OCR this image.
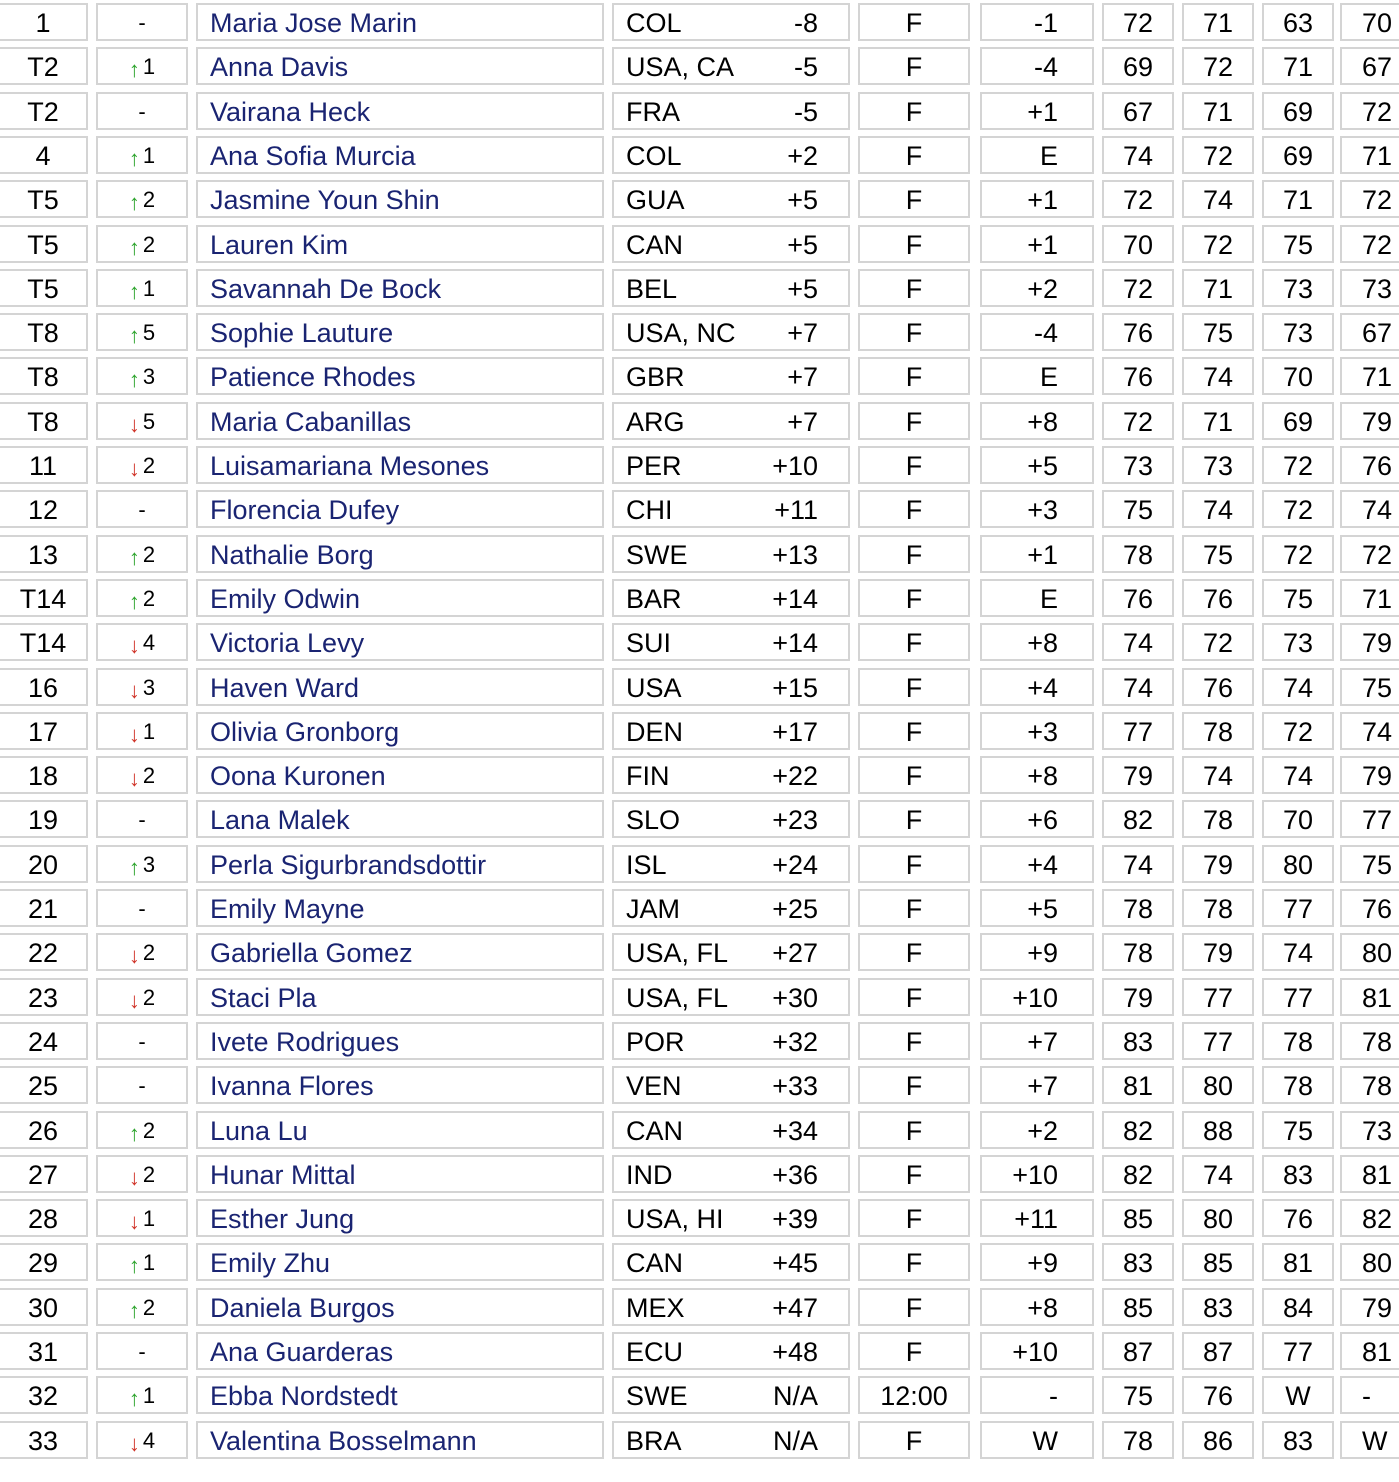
1	-	Maria Jose Marin	COL	-8	F	-1	72	71	63	70
T2	↑ 1	Anna Davis	USA, CA -5	F	-4	69	72	71	67
T2	-	Vairana Heck	FRA	-5	F	+1	67	71	69	72
4	↑ 1	Ana Sofia Murcia	COL	+2	F	E	74	72	69	71
T5	↑ 2	Jasmine Youn Shin	GUA	+5	F	+1	72	74	71	72
T5	↑ 2	Lauren Kim	CAN	+5	F	+1	70	72	75	72
T5	↑ 1	Savannah De Bock	BEL	+5	F	+2	72	71	73	73
T8	↑ 5	Sophie Lauture	USA, NC +7	F	-4	76	75	73	67
T8	↑ 3	Patience Rhodes	GBR	+7	F	E	76	74	70	71
T8	↓ 5	Maria Cabanillas	ARG	+7	F	+8	72	71	69	79
11	↓ 2	Luisamariana Mesones	PER	+10	F	+5	73	73	72	76
12	-	Florencia Dufey	CHI	+11	F	+3	75	74	72	74
13	↑ 2	Nathalie Borg	SWE	+13	F	+1	78	75	72	72
T14	↑ 2	Emily Odwin	BAR	+14	F	E	76	76	75	71
T14	↓ 4	Victoria Levy	SUI	+14	F	+8	74	72	73	79
16	↓ 3	Haven Ward	USA	+15	F	+4	74	76	74	75
17	↓ 1	Olivia Gronborg	DEN	+17	F	+3	77	78	72	74
18	↓ 2	Oona Kuronen	FIN	+22	F	+8	79	74	74	79
19	-	Lana Malek	SLO	+23	F	+6	82	78	70	77
20	↑ 3	Perla Sigurbrandsdottir	ISL	+24	F	+4	74	79	80	75
21	-	Emily Mayne	JAM	+25	F	+5	78	78	77	76
22	↓ 2	Gabriella Gomez	USA, FL +27	F	+9	78	79	74	80
23	↓ 2	Staci Pla	USA, FL +30	F	+10	79	77	77	81
24	-	Ivete Rodrigues	POR	+32	F	+7	83	77	78	78
25	-	Ivanna Flores	VEN	+33	F	+7	81	80	78	78
26	↑ 2	Luna Lu	CAN	+34	F	+2	82	88	75	73
27	↓ 2	Hunar Mittal	IND	+36	F	+10	82	74	83	81
28	↓ 1	Esther Jung	USA, HI +39	F	+11	85	80	76	82
29	↑ 1	Emily Zhu	CAN	+45	F	+9	83	85	81	80
30	↑ 2	Daniela Burgos	MEX	+47	F	+8	85	83	84	79
31	-	Ana Guarderas	ECU	+48	F	+10	87	87	77	81
32	↑ 1	Ebba Nordstedt	SWE	N/A	12:00	-	75	76	W	-
33	↓ 4	Valentina Bosselmann	BRA	N/A	F	W	78	86	83	W
